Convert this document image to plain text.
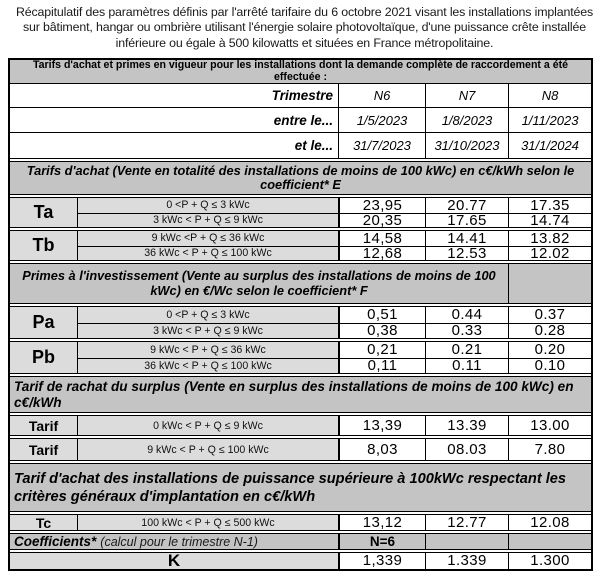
Récapitulatif des paramètres définis par l'arrêté tarifaire du 6 octobre 2021 visant les installations implantées sur bâtiment, hangar ou ombrière utilisant l'énergie solaire photovoltaïque, d'une puissance crête installée inférieure ou égale à 500 kilowatts et situées en France métropolitaine.
Tarifs d'achat et primes en vigueur pour les installations dont la demande complète de raccordement a été effectuée :
Trimestre	N6	N7	N8
entre le...	1/5/2023	1/8/2023	1/11/2023
et le...	31/7/2023	31/10/2023	31/1/2024
Tarifs d'achat (Vente en totalité des installations de moins de 100 kWc) en c€/kWh selon le coefficient* E
Ta	0 <P + Q ≤ 3 kWc	23,95	20.77	17.35
3 kWc < P + Q ≤ 9 kWc	20,35	17.65	14.74
Tb	9 kWc <P + Q ≤ 36 kWc	14,58	14.41	13.82
36 kWc < P + Q ≤ 100 kWc	12,68	12.53	12.02
Primes à l'investissement (Vente au surplus des installations de moins de 100 kWc) en €/Wc selon le coefficient* F
Pa	0 <P + Q ≤ 3 kWc	0,51	0.44	0.37
3 kWc < P + Q ≤ 9 kWc	0,38	0.33	0.28
Pb	9 kWc < P + Q ≤ 36 kWc	0,21	0.21	0.20
36 kWc < P + Q ≤ 100 kWc	0,11	0.11	0.10
Tarif de rachat du surplus (Vente en surplus des installations de moins de 100 kWc) en c€/kWh
Tarif	0 kWc < P + Q ≤ 9 kWc	13,39	13.39	13.00
Tarif	9 kWc < P + Q ≤ 100 kWc	8,03	08.03	7.80
Tarif d'achat des installations de puissance supérieure à 100kWc respectant les critères généraux d'implantation en c€/kWh
Tc	100 kWc < P + Q ≤ 500 kWc	13,12	12.77	12.08
Coefficients* (calcul pour le trimestre N-1)	N=6
K	1,339	1.339	1.300
